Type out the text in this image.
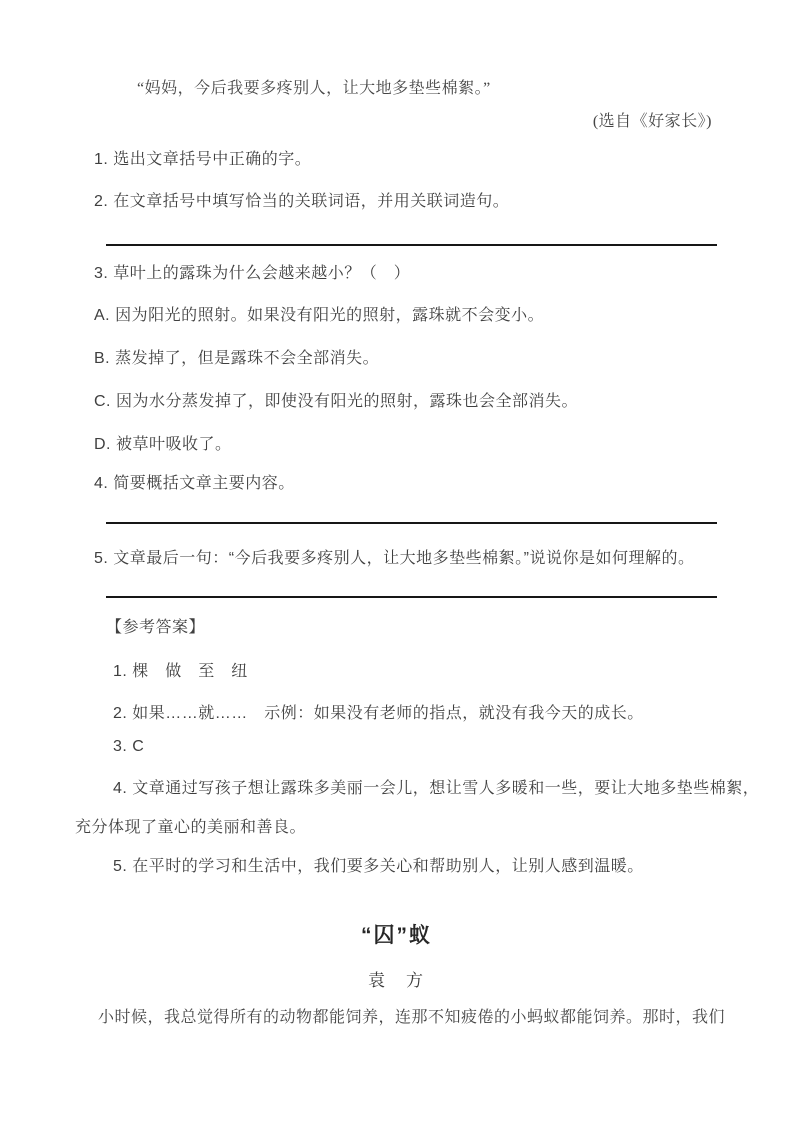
“妈妈，今后我要多疼别人，让大地多垫些棉絮。”
(选自《好家长》)
1. 选出文章括号中正确的字。
2. 在文章括号中填写恰当的关联词语，并用关联词造句。
3. 草叶上的露珠为什么会越来越小？（　）
A. 因为阳光的照射。如果没有阳光的照射，露珠就不会变小。
B. 蒸发掉了，但是露珠不会全部消失。
C. 因为水分蒸发掉了，即使没有阳光的照射，露珠也会全部消失。
D. 被草叶吸收了。
4. 简要概括文章主要内容。
5. 文章最后一句：“今后我要多疼别人，让大地多垫些棉絮。”说说你是如何理解的。
【参考答案】
1. 棵　做　至　纽
2. 如果……就……　示例：如果没有老师的指点，就没有我今天的成长。
3. C
4. 文章通过写孩子想让露珠多美丽一会儿，想让雪人多暖和一些，要让大地多垫些棉絮，
充分体现了童心的美丽和善良。
5. 在平时的学习和生活中，我们要多关心和帮助别人，让别人感到温暖。
“囚”蚁
袁　方
小时候，我总觉得所有的动物都能饲养，连那不知疲倦的小蚂蚁都能饲养。那时，我们
